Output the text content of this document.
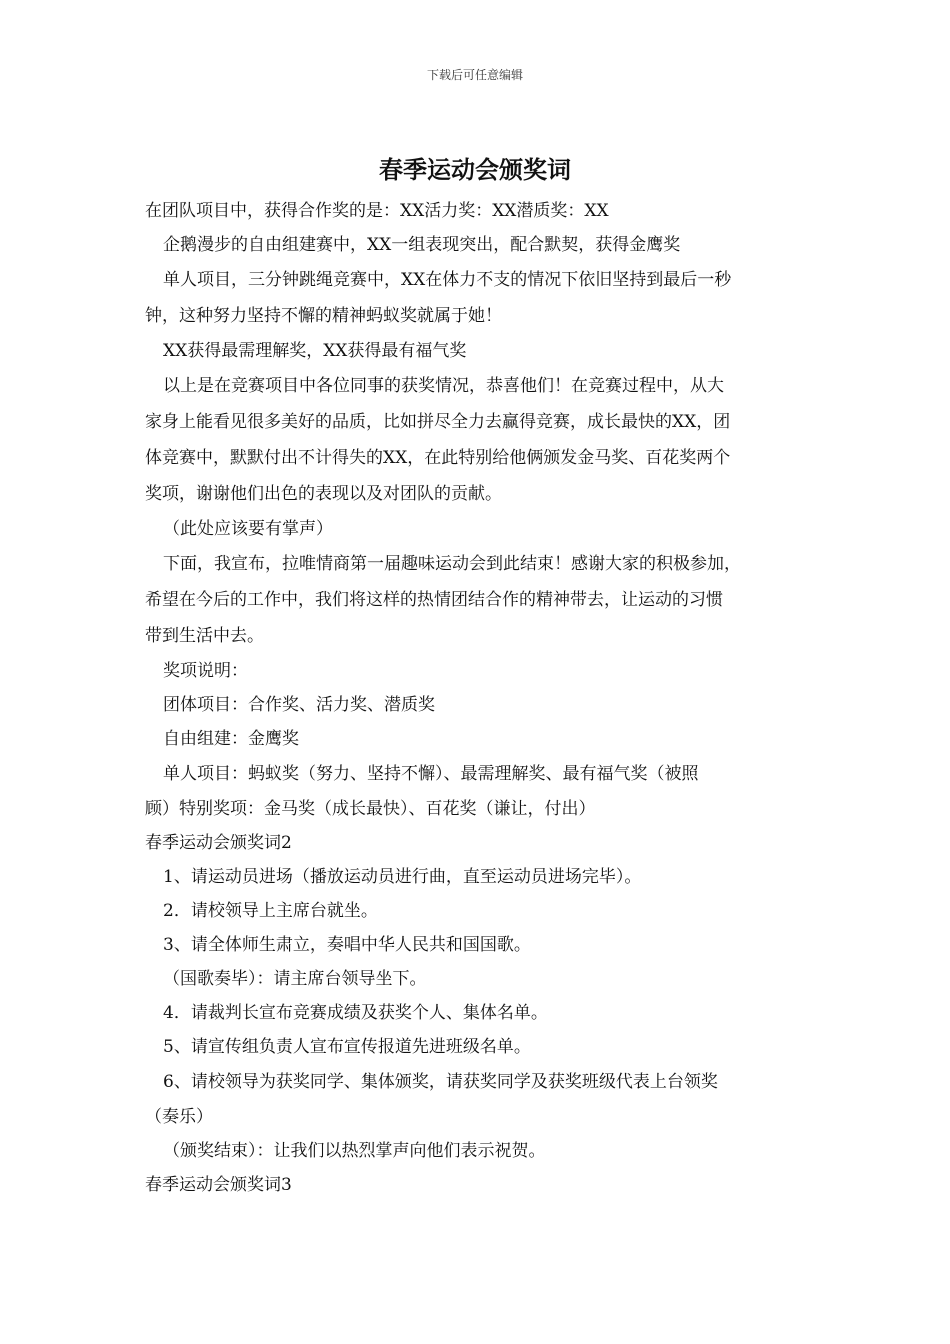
下载后可任意编辑
春季运动会颁奖词

在团队项目中，获得合作奖的是：XX活力奖：XX潜质奖：XX

企鹅漫步的自由组建赛中，XX一组表现突出，配合默契，获得金鹰奖

单人项目，三分钟跳绳竞赛中，XX在体力不支的情况下依旧坚持到最后一秒

钟，这种努力坚持不懈的精神蚂蚁奖就属于她！

XX获得最需理解奖，XX获得最有福气奖

以上是在竞赛项目中各位同事的获奖情况，恭喜他们！在竞赛过程中，从大

家身上能看见很多美好的品质，比如拼尽全力去赢得竞赛，成长最快的XX，团

体竞赛中，默默付出不计得失的XX，在此特别给他俩颁发金马奖、百花奖两个

奖项，谢谢他们出色的表现以及对团队的贡献。

（此处应该要有掌声）

下面，我宣布，拉唯情商第一届趣味运动会到此结束！感谢大家的积极参加，

希望在今后的工作中，我们将这样的热情团结合作的精神带去，让运动的习惯

带到生活中去。

奖项说明：

团体项目：合作奖、活力奖、潜质奖

自由组建：金鹰奖

单人项目：蚂蚁奖（努力、坚持不懈）、最需理解奖、最有福气奖（被照

顾）特别奖项：金马奖（成长最快）、百花奖（谦让，付出）

春季运动会颁奖词2

1、请运动员进场（播放运动员进行曲，直至运动员进场完毕）。

2．请校领导上主席台就坐。

3、请全体师生肃立，奏唱中华人民共和国国歌。

（国歌奏毕）：请主席台领导坐下。

4．请裁判长宣布竞赛成绩及获奖个人、集体名单。

5、请宣传组负责人宣布宣传报道先进班级名单。

6、请校领导为获奖同学、集体颁奖，请获奖同学及获奖班级代表上台领奖

（奏乐）

（颁奖结束）：让我们以热烈掌声向他们表示祝贺。

春季运动会颁奖词3
